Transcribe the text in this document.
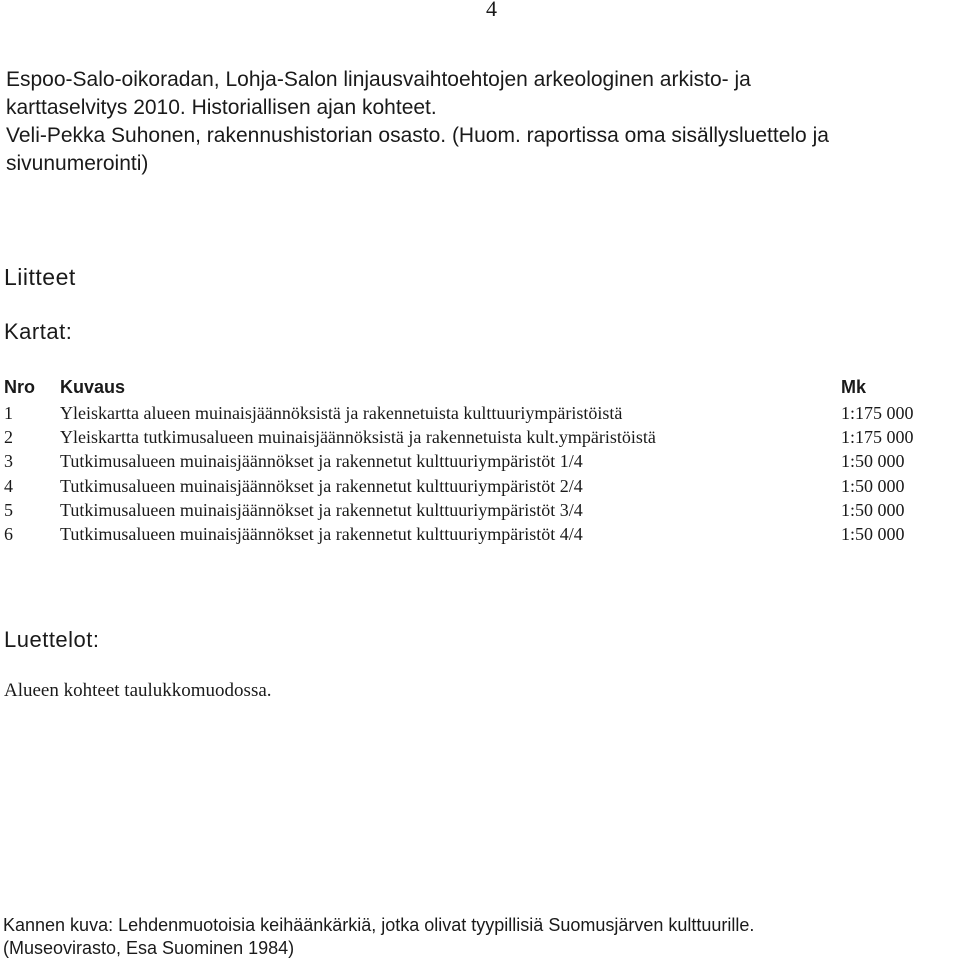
4
Espoo-Salo-oikoradan, Lohja-Salon linjausvaihtoehtojen arkeologinen arkisto- ja
karttaselvitys 2010. Historiallisen ajan kohteet.
Veli-Pekka Suhonen, rakennushistorian osasto. (Huom. raportissa oma sisällysluettelo ja
sivunumerointi)
Liitteet
Kartat:
Nro	Kuvaus	Mk
1	Yleiskartta alueen muinaisjäännöksistä ja rakennetuista kulttuuriympäristöistä	1:175 000
2	Yleiskartta tutkimusalueen muinaisjäännöksistä ja rakennetuista kult.ympäristöistä	1:175 000
3	Tutkimusalueen muinaisjäännökset ja rakennetut kulttuuriympäristöt 1/4	1:50 000
4	Tutkimusalueen muinaisjäännökset ja rakennetut kulttuuriympäristöt 2/4	1:50 000
5	Tutkimusalueen muinaisjäännökset ja rakennetut kulttuuriympäristöt 3/4	1:50 000
6	Tutkimusalueen muinaisjäännökset ja rakennetut kulttuuriympäristöt 4/4	1:50 000
Luettelot:
Alueen kohteet taulukkomuodossa.
Kannen kuva: Lehdenmuotoisia keihäänkärkiä, jotka olivat tyypillisiä Suomusjärven kulttuurille.
(Museovirasto, Esa Suominen 1984)
